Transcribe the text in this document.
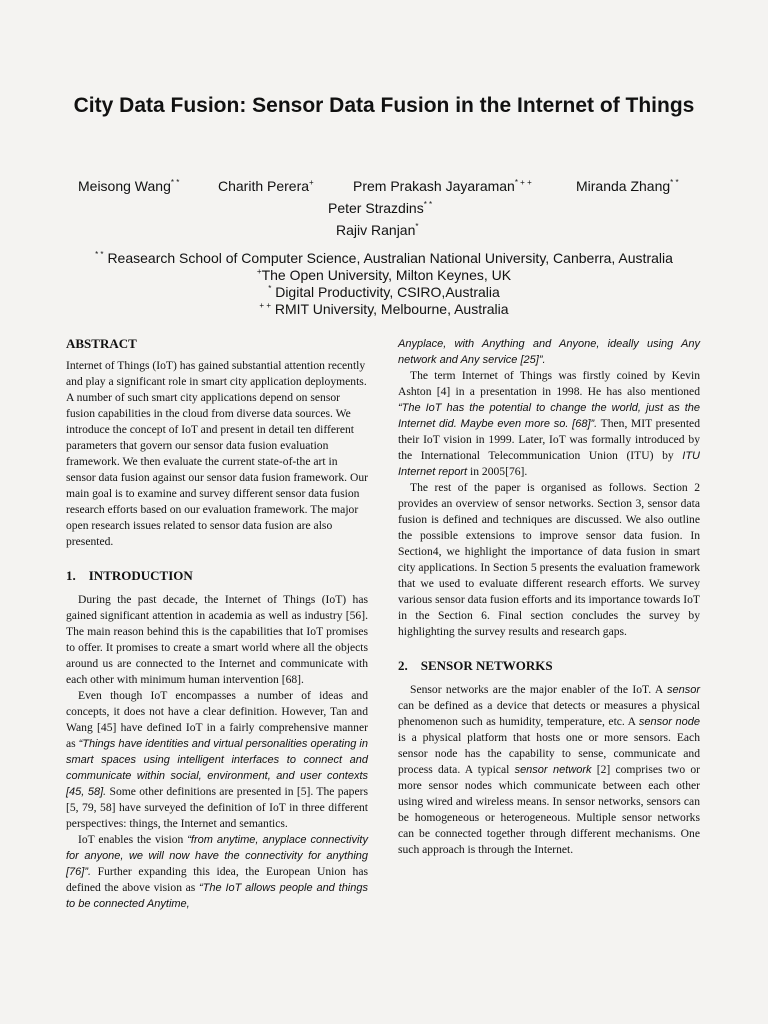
City Data Fusion: Sensor Data Fusion in the Internet of Things
Meisong Wang* *	Charith Perera+	Prem Prakash Jayaraman* + +	Miranda Zhang* *
Peter Strazdins* *
Rajiv Ranjan*
* * Reasearch School of Computer Science, Australian National University, Canberra, Australia
+The Open University, Milton Keynes, UK
* Digital Productivity, CSIRO,Australia
+ + RMIT University, Melbourne, Australia
ABSTRACT

Internet of Things (IoT) has gained substantial attention recently and play a significant role in smart city application deployments. A number of such smart city applications depend on sensor fusion capabilities in the cloud from diverse data sources. We introduce the concept of IoT and present in detail ten different parameters that govern our sensor data fusion evaluation framework. We then evaluate the current state-of-the art in sensor data fusion against our sensor data fusion framework. Our main goal is to examine and survey different sensor data fusion research efforts based on our evaluation framework. The major open research issues related to sensor data fusion are also presented.

1.    INTRODUCTION

During the past decade, the Internet of Things (IoT) has gained significant attention in academia as well as industry [56]. The main reason behind this is the capabilities that IoT promises to offer. It promises to create a smart world where all the objects around us are connected to the Internet and communicate with each other with minimum human intervention [68].

Even though IoT encompasses a number of ideas and concepts, it does not have a clear definition. However, Tan and Wang [45] have defined IoT in a fairly comprehensive manner as “Things have identities and virtual personalities operating in smart spaces using intelligent interfaces to connect and communicate within social, environment, and user contexts [45, 58]. Some other definitions are presented in [5]. The papers [5, 79, 58] have surveyed the definition of IoT in three different perspectives: things, the Internet and semantics.

IoT enables the vision “from anytime, anyplace connectivity for anyone, we will now have the connectivity for anything [76]”. Further expanding this idea, the European Union has defined the above vision as “The IoT allows people and things to be connected Anytime,

Anyplace, with Anything and Anyone, ideally using Any network and Any service [25]”.

The term Internet of Things was firstly coined by Kevin Ashton [4] in a presentation in 1998. He has also mentioned “The IoT has the potential to change the world, just as the Internet did. Maybe even more so. [68]”. Then, MIT presented their IoT vision in 1999. Later, IoT was formally introduced by the International Telecommunication Union (ITU) by ITU Internet report in 2005[76].

The rest of the paper is organised as follows. Section 2 provides an overview of sensor networks. Section 3, sensor data fusion is defined and techniques are discussed. We also outline the possible extensions to improve sensor data fusion. In Section4, we highlight the importance of data fusion in smart city applications. In Section 5 presents the evaluation framework that we used to evaluate different research efforts. We survey various sensor data fusion efforts and its importance towards IoT in the Section 6. Final section concludes the survey by highlighting the survey results and research gaps.

2.    SENSOR NETWORKS

Sensor networks are the major enabler of the IoT. A sensor can be defined as a device that detects or measures a physical phenomenon such as humidity, temperature, etc. A sensor node is a physical platform that hosts one or more sensors. Each sensor node has the capability to sense, communicate and process data. A typical sensor network [2] comprises two or more sensor nodes which communicate between each other using wired and wireless means. In sensor networks, sensors can be homogeneous or heterogeneous. Multiple sensor networks can be connected together through different mechanisms. One such approach is through the Internet.
